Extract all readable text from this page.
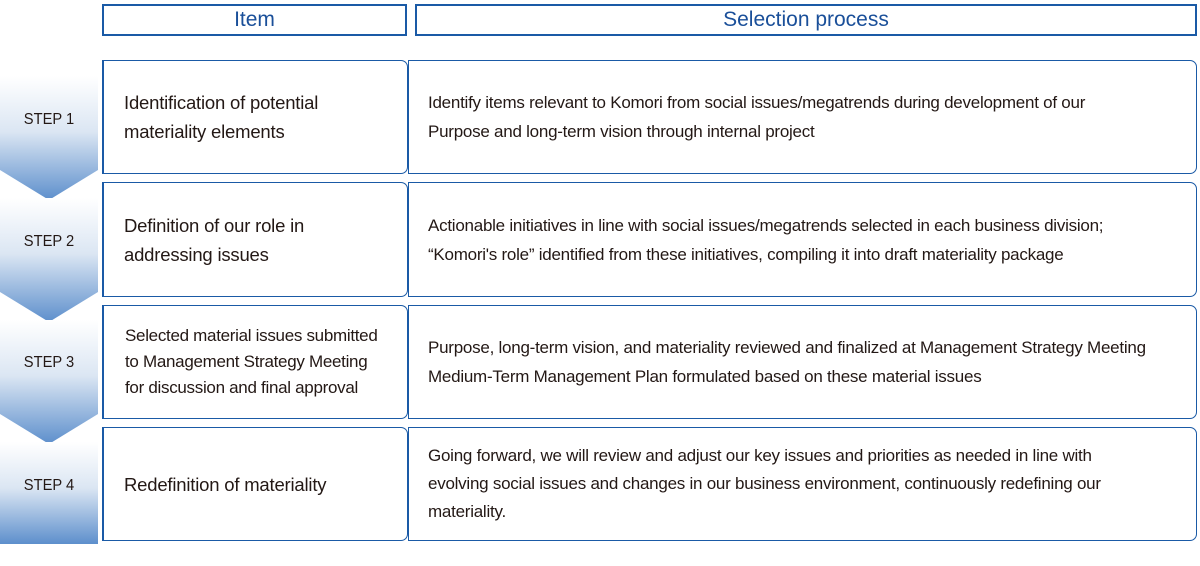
Item	Selection process
STEP 1
Identification of potential
materiality elements
Identify items relevant to Komori from social issues/megatrends during development of our
Purpose and long-term vision through internal project
STEP 2
Definition of our role in
addressing issues
Actionable initiatives in line with social issues/megatrends selected in each business division;
“Komori's role” identified from these initiatives, compiling it into draft materiality package
STEP 3
Selected material issues submitted
to Management Strategy Meeting
for discussion and final approval
Purpose, long-term vision, and materiality reviewed and finalized at Management Strategy Meeting
Medium-Term Management Plan formulated based on these material issues
STEP 4	Redefinition of materiality
Going forward, we will review and adjust our key issues and priorities as needed in line with
evolving social issues and changes in our business environment, continuously redefining our
materiality.
